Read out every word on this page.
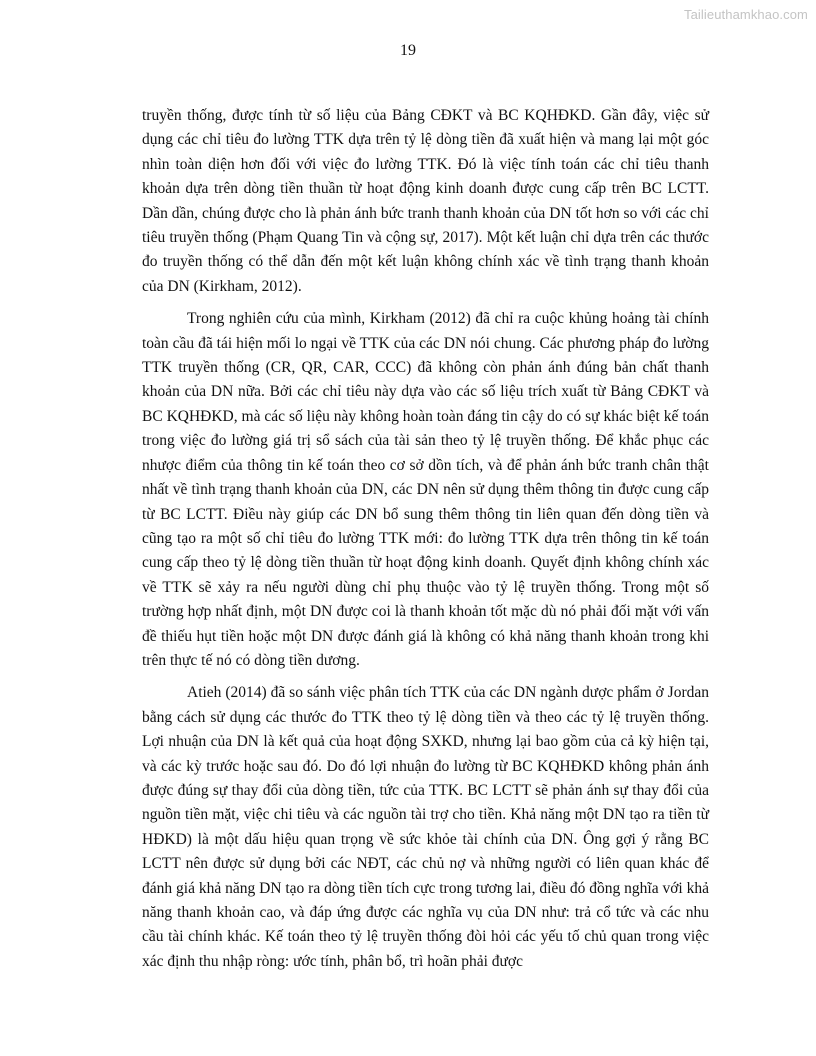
Tailieuthamkhao.com
19

truyền thống, được tính từ số liệu của Bảng CĐKT và BC KQHĐKD. Gần đây, việc sử dụng các chỉ tiêu đo lường TTK dựa trên tỷ lệ dòng tiền đã xuất hiện và mang lại một góc nhìn toàn diện hơn đối với việc đo lường TTK. Đó là việc tính toán các chỉ tiêu thanh khoản dựa trên dòng tiền thuần từ hoạt động kinh doanh được cung cấp trên BC LCTT. Dần dần, chúng được cho là phản ánh bức tranh thanh khoản của DN tốt hơn so với các chỉ tiêu truyền thống (Phạm Quang Tin và cộng sự, 2017). Một kết luận chỉ dựa trên các thước đo truyền thống có thể dẫn đến một kết luận không chính xác về tình trạng thanh khoản của DN (Kirkham, 2012).

Trong nghiên cứu của mình, Kirkham (2012) đã chỉ ra cuộc khủng hoảng tài chính toàn cầu đã tái hiện mối lo ngại về TTK của các DN nói chung. Các phương pháp đo lường TTK truyền thống (CR, QR, CAR, CCC) đã không còn phản ánh đúng bản chất thanh khoản của DN nữa. Bởi các chỉ tiêu này dựa vào các số liệu trích xuất từ Bảng CĐKT và BC KQHĐKD, mà các số liệu này không hoàn toàn đáng tin cậy do có sự khác biệt kế toán trong việc đo lường giá trị sổ sách của tài sản theo tỷ lệ truyền thống. Để khắc phục các nhược điểm của thông tin kế toán theo cơ sở dồn tích, và để phản ánh bức tranh chân thật nhất về tình trạng thanh khoản của DN, các DN nên sử dụng thêm thông tin được cung cấp từ BC LCTT. Điều này giúp các DN bổ sung thêm thông tin liên quan đến dòng tiền và cũng tạo ra một số chỉ tiêu đo lường TTK mới: đo lường TTK dựa trên thông tin kế toán cung cấp theo tỷ lệ dòng tiền thuần từ hoạt động kinh doanh. Quyết định không chính xác về TTK sẽ xảy ra nếu người dùng chỉ phụ thuộc vào tỷ lệ truyền thống. Trong một số trường hợp nhất định, một DN được coi là thanh khoản tốt mặc dù nó phải đối mặt với vấn đề thiếu hụt tiền hoặc một DN được đánh giá là không có khả năng thanh khoản trong khi trên thực tế nó có dòng tiền dương.

Atieh (2014) đã so sánh việc phân tích TTK của các DN ngành dược phẩm ở Jordan bằng cách sử dụng các thước đo TTK theo tỷ lệ dòng tiền và theo các tỷ lệ truyền thống. Lợi nhuận của DN là kết quả của hoạt động SXKD, nhưng lại bao gồm của cả kỳ hiện tại, và các kỳ trước hoặc sau đó. Do đó lợi nhuận đo lường từ BC KQHĐKD không phản ánh được đúng sự thay đổi của dòng tiền, tức của TTK. BC LCTT sẽ phản ánh sự thay đổi của nguồn tiền mặt, việc chi tiêu và các nguồn tài trợ cho tiền. Khả năng một DN tạo ra tiền từ HĐKD) là một dấu hiệu quan trọng về sức khỏe tài chính của DN. Ông gợi ý rằng BC LCTT nên được sử dụng bởi các NĐT, các chủ nợ và những người có liên quan khác để đánh giá khả năng DN tạo ra dòng tiền tích cực trong tương lai, điều đó đồng nghĩa với khả năng thanh khoản cao, và đáp ứng được các nghĩa vụ của DN như: trả cổ tức và các nhu cầu tài chính khác. Kế toán theo tỷ lệ truyền thống đòi hỏi các yếu tố chủ quan trong việc xác định thu nhập ròng: ước tính, phân bổ, trì hoãn phải được
